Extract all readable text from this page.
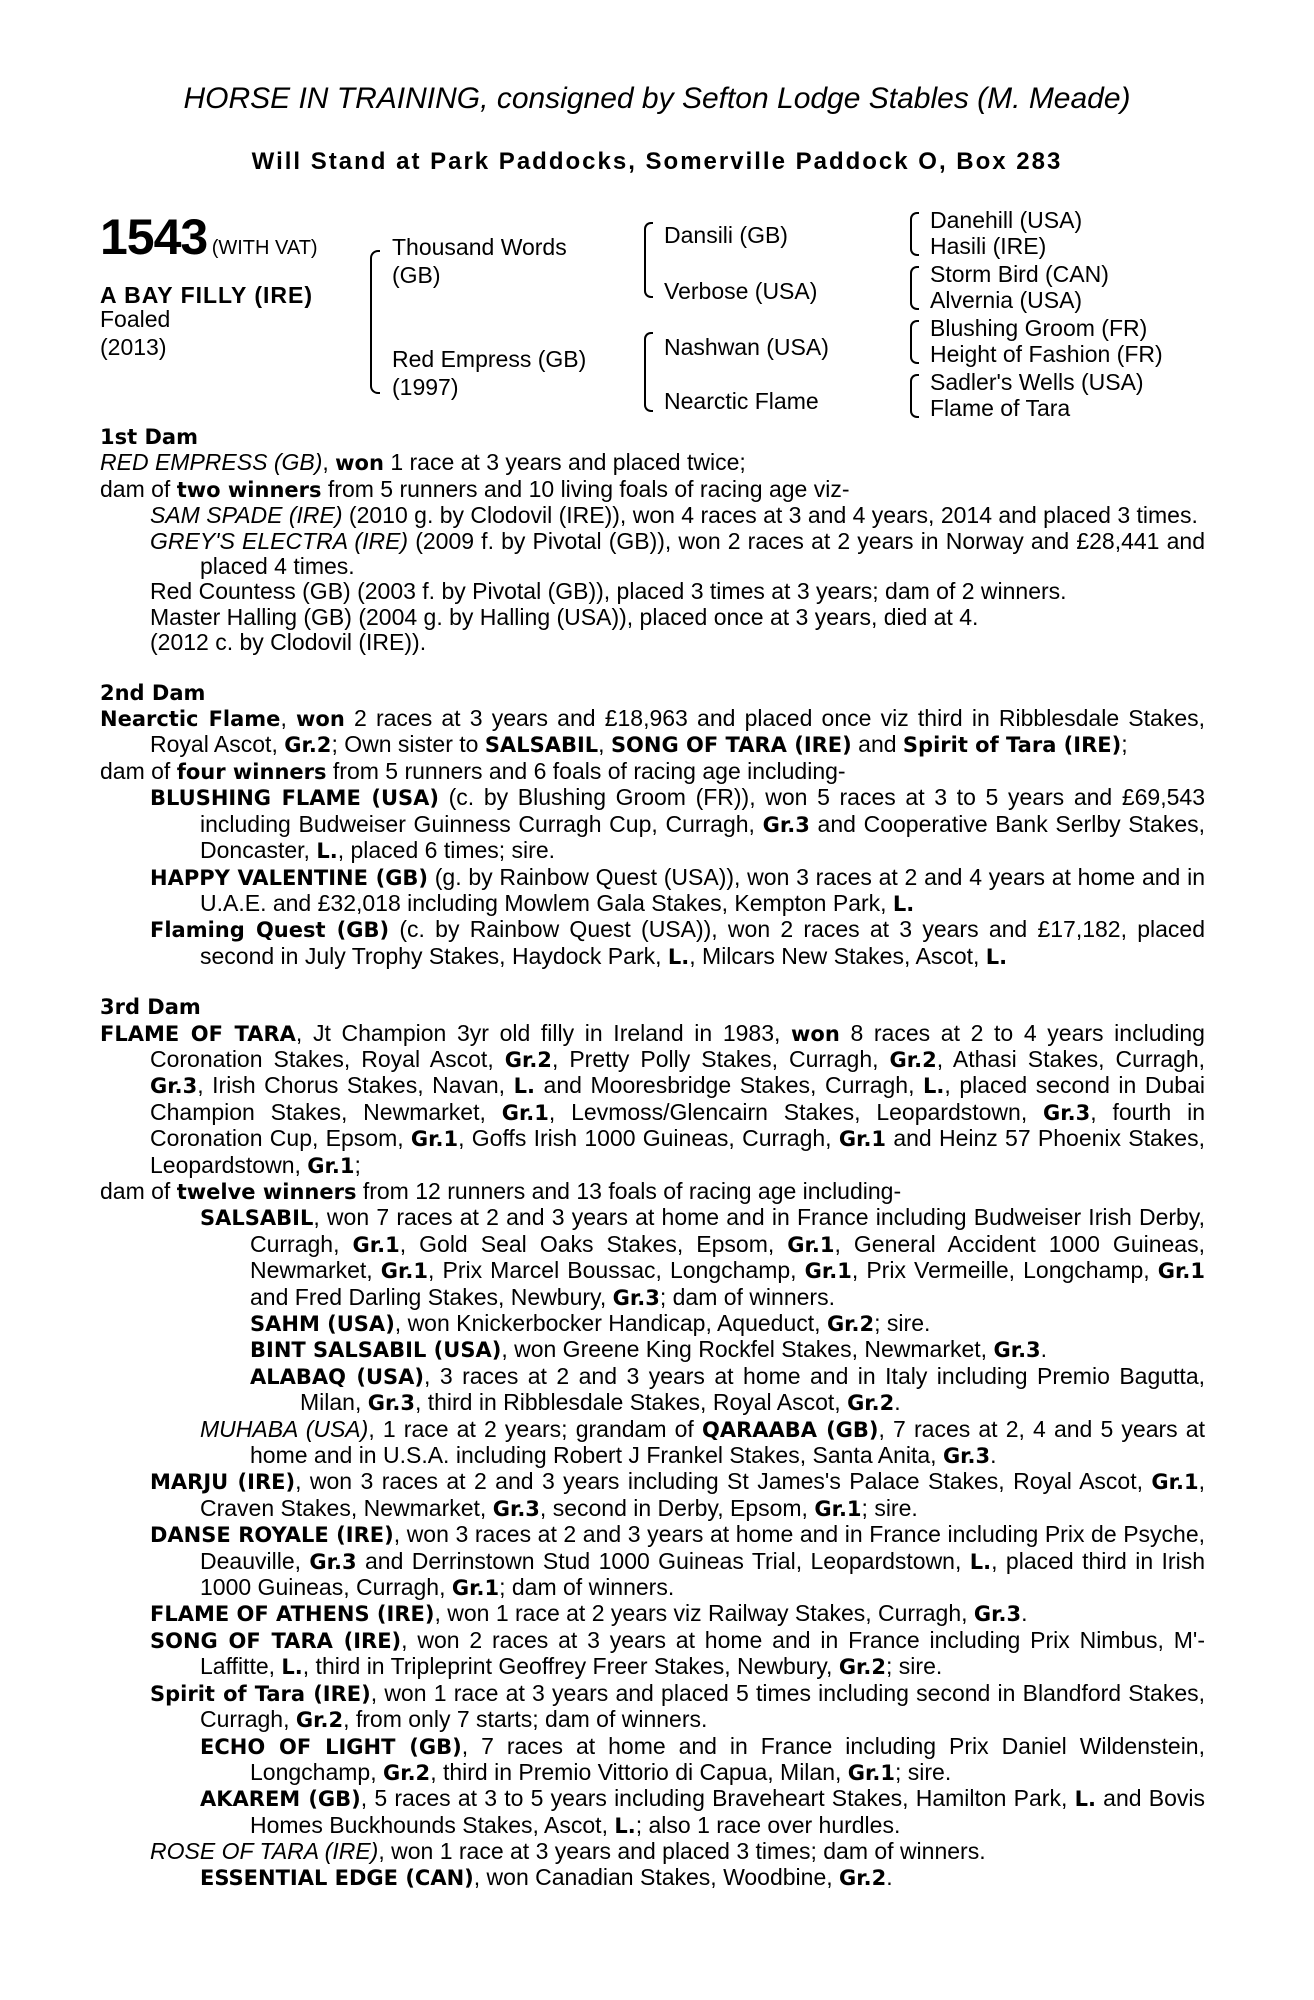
HORSE IN TRAINING, consigned by Sefton Lodge Stables (M. Meade)
Will Stand at Park Paddocks, Somerville Paddock O, Box 283
1543 (WITH VAT)
A BAY FILLY (IRE)
Foaled
(2013)
Thousand Words
(GB)
Red Empress (GB)
(1997)
Dansili (GB)
Verbose (USA)
Nashwan (USA)
Nearctic Flame
Danehill (USA)
Hasili (IRE)
Storm Bird (CAN)
Alvernia (USA)
Blushing Groom (FR)
Height of Fashion (FR)
Sadler's Wells (USA)
Flame of Tara
1st Dam

RED EMPRESS (GB), won 1 race at 3 years and placed twice;

dam of two winners from 5 runners and 10 living foals of racing age viz-

SAM SPADE (IRE) (2010 g. by Clodovil (IRE)), won 4 races at 3 and 4 years, 2014 and placed 3 times.

GREY'S ELECTRA (IRE) (2009 f. by Pivotal (GB)), won 2 races at 2 years in Norway and £28,441 and placed 4 times.

Red Countess (GB) (2003 f. by Pivotal (GB)), placed 3 times at 3 years; dam of 2 winners.

Master Halling (GB) (2004 g. by Halling (USA)), placed once at 3 years, died at 4.

(2012 c. by Clodovil (IRE)).

2nd Dam

Nearctic Flame, won 2 races at 3 years and £18,963 and placed once viz third in Ribblesdale Stakes, Royal Ascot, Gr.2; Own sister to SALSABIL, SONG OF TARA (IRE) and Spirit of Tara (IRE);

dam of four winners from 5 runners and 6 foals of racing age including-

BLUSHING FLAME (USA) (c. by Blushing Groom (FR)), won 5 races at 3 to 5 years and £69,543 including Budweiser Guinness Curragh Cup, Curragh, Gr.3 and Cooperative Bank Serlby Stakes, Doncaster, L., placed 6 times; sire.

HAPPY VALENTINE (GB) (g. by Rainbow Quest (USA)), won 3 races at 2 and 4 years at home and in U.A.E. and £32,018 including Mowlem Gala Stakes, Kempton Park, L.

Flaming Quest (GB) (c. by Rainbow Quest (USA)), won 2 races at 3 years and £17,182, placed second in July Trophy Stakes, Haydock Park, L., Milcars New Stakes, Ascot, L.

3rd Dam

FLAME OF TARA, Jt Champion 3yr old filly in Ireland in 1983, won 8 races at 2 to 4 years including Coronation Stakes, Royal Ascot, Gr.2, Pretty Polly Stakes, Curragh, Gr.2, Athasi Stakes, Curragh, Gr.3, Irish Chorus Stakes, Navan, L. and Mooresbridge Stakes, Curragh, L., placed second in Dubai Champion Stakes, Newmarket, Gr.1, Levmoss/Glencairn Stakes, Leopardstown, Gr.3, fourth in Coronation Cup, Epsom, Gr.1, Goffs Irish 1000 Guineas, Curragh, Gr.1 and Heinz 57 Phoenix Stakes, Leopardstown, Gr.1;

dam of twelve winners from 12 runners and 13 foals of racing age including-

SALSABIL, won 7 races at 2 and 3 years at home and in France including Budweiser Irish Derby, Curragh, Gr.1, Gold Seal Oaks Stakes, Epsom, Gr.1, General Accident 1000 Guineas, Newmarket, Gr.1, Prix Marcel Boussac, Longchamp, Gr.1, Prix Vermeille, Longchamp, Gr.1 and Fred Darling Stakes, Newbury, Gr.3; dam of winners.

SAHM (USA), won Knickerbocker Handicap, Aqueduct, Gr.2; sire.

BINT SALSABIL (USA), won Greene King Rockfel Stakes, Newmarket, Gr.3.

ALABAQ (USA), 3 races at 2 and 3 years at home and in Italy including Premio Bagutta, Milan, Gr.3, third in Ribblesdale Stakes, Royal Ascot, Gr.2.

MUHABA (USA), 1 race at 2 years; grandam of QARAABA (GB), 7 races at 2, 4 and 5 years at home and in U.S.A. including Robert J Frankel Stakes, Santa Anita, Gr.3.

MARJU (IRE), won 3 races at 2 and 3 years including St James's Palace Stakes, Royal Ascot, Gr.1, Craven Stakes, Newmarket, Gr.3, second in Derby, Epsom, Gr.1; sire.

DANSE ROYALE (IRE), won 3 races at 2 and 3 years at home and in France including Prix de Psyche, Deauville, Gr.3 and Derrinstown Stud 1000 Guineas Trial, Leopardstown, L., placed third in Irish 1000 Guineas, Curragh, Gr.1; dam of winners.

FLAME OF ATHENS (IRE), won 1 race at 2 years viz Railway Stakes, Curragh, Gr.3.

SONG OF TARA (IRE), won 2 races at 3 years at home and in France including Prix Nimbus, M'-Laffitte, L., third in Tripleprint Geoffrey Freer Stakes, Newbury, Gr.2; sire.

Spirit of Tara (IRE), won 1 race at 3 years and placed 5 times including second in Blandford Stakes, Curragh, Gr.2, from only 7 starts; dam of winners.

ECHO OF LIGHT (GB), 7 races at home and in France including Prix Daniel Wildenstein, Longchamp, Gr.2, third in Premio Vittorio di Capua, Milan, Gr.1; sire.

AKAREM (GB), 5 races at 3 to 5 years including Braveheart Stakes, Hamilton Park, L. and Bovis Homes Buckhounds Stakes, Ascot, L.; also 1 race over hurdles.

ROSE OF TARA (IRE), won 1 race at 3 years and placed 3 times; dam of winners.

ESSENTIAL EDGE (CAN), won Canadian Stakes, Woodbine, Gr.2.
